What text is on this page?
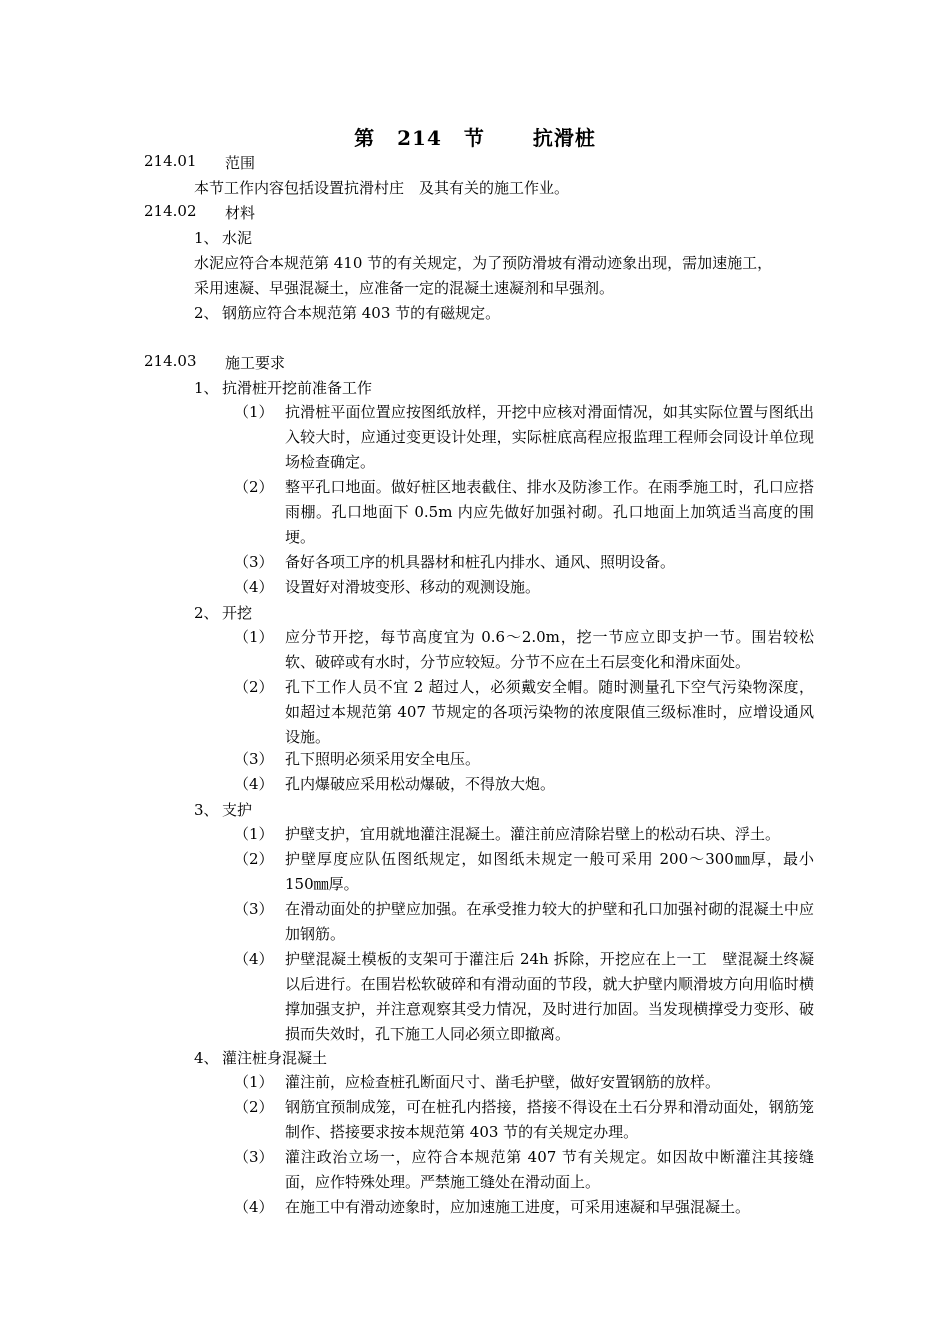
第 214 节 抗滑桩
214.01 范围
本节工作内容包括设置抗滑村庄　及其有关的施工作业。
214.02 材料
1、 水泥
水泥应符合本规范第 410 节的有关规定，为了预防滑坡有滑动迹象出现，需加速施工，
采用速凝、早强混凝土，应准备一定的混凝土速凝剂和早强剂。
2、 钢筋应符合本规范第 403 节的有磁规定。
214.03 施工要求
1、 抗滑桩开挖前准备工作
（1） 抗滑桩平面位置应按图纸放样，开挖中应核对滑面情况，如其实际位置与图纸出入较大时，应通过变更设计处理，实际桩底高程应报监理工程师会同设计单位现场检查确定。
（2） 整平孔口地面。做好桩区地表截住、排水及防渗工作。在雨季施工时，孔口应搭雨棚。孔口地面下 0.5m 内应先做好加强衬砌。孔口地面上加筑适当高度的围埂。
（3） 备好各项工序的机具器材和桩孔内排水、通风、照明设备。
（4） 设置好对滑坡变形、移动的观测设施。
2、 开挖
（1） 应分节开挖，每节高度宜为 0.6～2.0m，挖一节应立即支护一节。围岩较松软、破碎或有水时，分节应较短。分节不应在土石层变化和滑床面处。
（2） 孔下工作人员不宜 2 超过人，必须戴安全帽。随时测量孔下空气污染物深度，如超过本规范第 407 节规定的各项污染物的浓度限值三级标准时，应增设通风设施。
（3） 孔下照明必须采用安全电压。
（4） 孔内爆破应采用松动爆破，不得放大炮。
3、 支护
（1） 护壁支护，宜用就地灌注混凝土。灌注前应清除岩壁上的松动石块、浮土。
（2） 护壁厚度应队伍图纸规定，如图纸未规定一般可采用 200～300㎜厚，最小 150㎜厚。
（3） 在滑动面处的护壁应加强。在承受推力较大的护壁和孔口加强衬砌的混凝土中应加钢筋。
（4） 护壁混凝土模板的支架可于灌注后 24h 拆除，开挖应在上一工　壁混凝土终凝以后进行。在围岩松软破碎和有滑动面的节段，就大护壁内顺滑坡方向用临时横撑加强支护，并注意观察其受力情况，及时进行加固。当发现横撑受力变形、破损而失效时，孔下施工人同必须立即撤离。
4、 灌注桩身混凝土
（1） 灌注前，应检查桩孔断面尺寸、凿毛护壁，做好安置钢筋的放样。
（2） 钢筋宜预制成笼，可在桩孔内搭接，搭接不得设在土石分界和滑动面处，钢筋笼制作、搭接要求按本规范第 403 节的有关规定办理。
（3） 灌注政治立场一，应符合本规范第 407 节有关规定。如因故中断灌注其接缝面，应作特殊处理。严禁施工缝处在滑动面上。
（4） 在施工中有滑动迹象时，应加速施工进度，可采用速凝和早强混凝土。
